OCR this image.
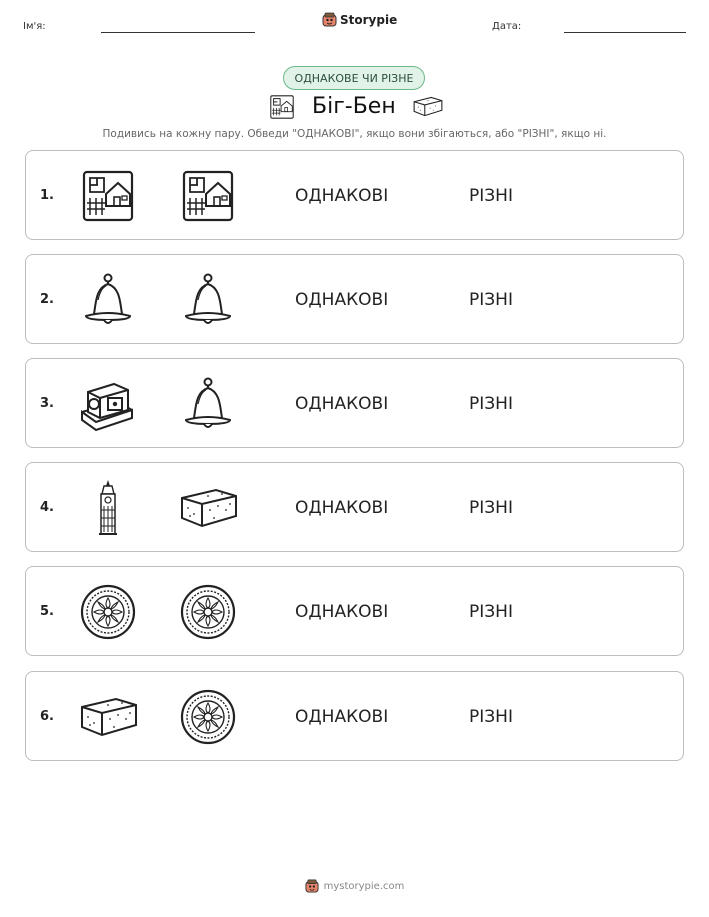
Ім'я:	Storypie	Дата:
ОДНАКОВЕ ЧИ РІЗНЕ
Біг-Бен
Подивись на кожну пару. Обведи "ОДНАКОВІ", якщо вони збігаються, або "РІЗНІ", якщо ні.
1.	ОДНАКОВІ	РІЗНІ
2.	ОДНАКОВІ	РІЗНІ
3.	ОДНАКОВІ	РІЗНІ
4.	ОДНАКОВІ	РІЗНІ
5.	ОДНАКОВІ	РІЗНІ
6.	ОДНАКОВІ	РІЗНІ
mystorypie.com
